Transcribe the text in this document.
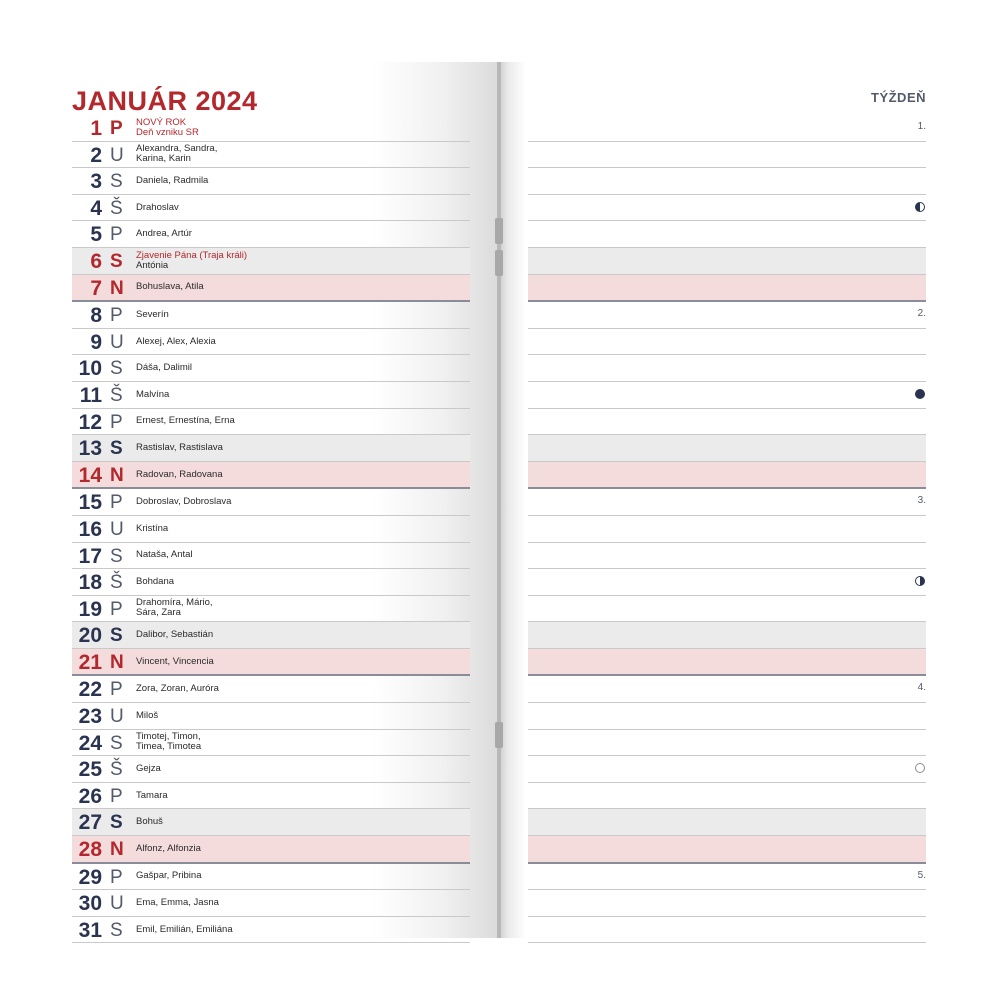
JANUÁR 2024	TÝŽDEŇ
1 P NOVÝ ROK
Deň vzniku SR
2 U Alexandra, Sandra,
Karina, Karin
3 S Daniela, Radmila
4 Š Drahoslav
5 P Andrea, Artúr
6 S Zjavenie Pána (Traja králi)
Antónia
7 N Bohuslava, Atila
8 P Severín
9 U Alexej, Alex, Alexia
10 S Dáša, Dalimil
11 Š Malvína
12 P Ernest, Ernestína, Erna
13 S Rastislav, Rastislava
14 N Radovan, Radovana
15 P Dobroslav, Dobroslava
16 U Kristína
17 S Nataša, Antal
18 Š Bohdana
19 P Drahomíra, Mário,
Sára, Zara
20 S Dalibor, Sebastián
21 N Vincent, Vincencia
22 P Zora, Zoran, Auróra
23 U Miloš
24 S Timotej, Timon,
Timea, Timotea
25 Š Gejza
26 P Tamara
27 S Bohuš
28 N Alfonz, Alfonzia
29 P Gašpar, Pribina
30 U Ema, Emma, Jasna
31 S Emil, Emilián, Emiliána
1.
2.
3.
4.
5.
